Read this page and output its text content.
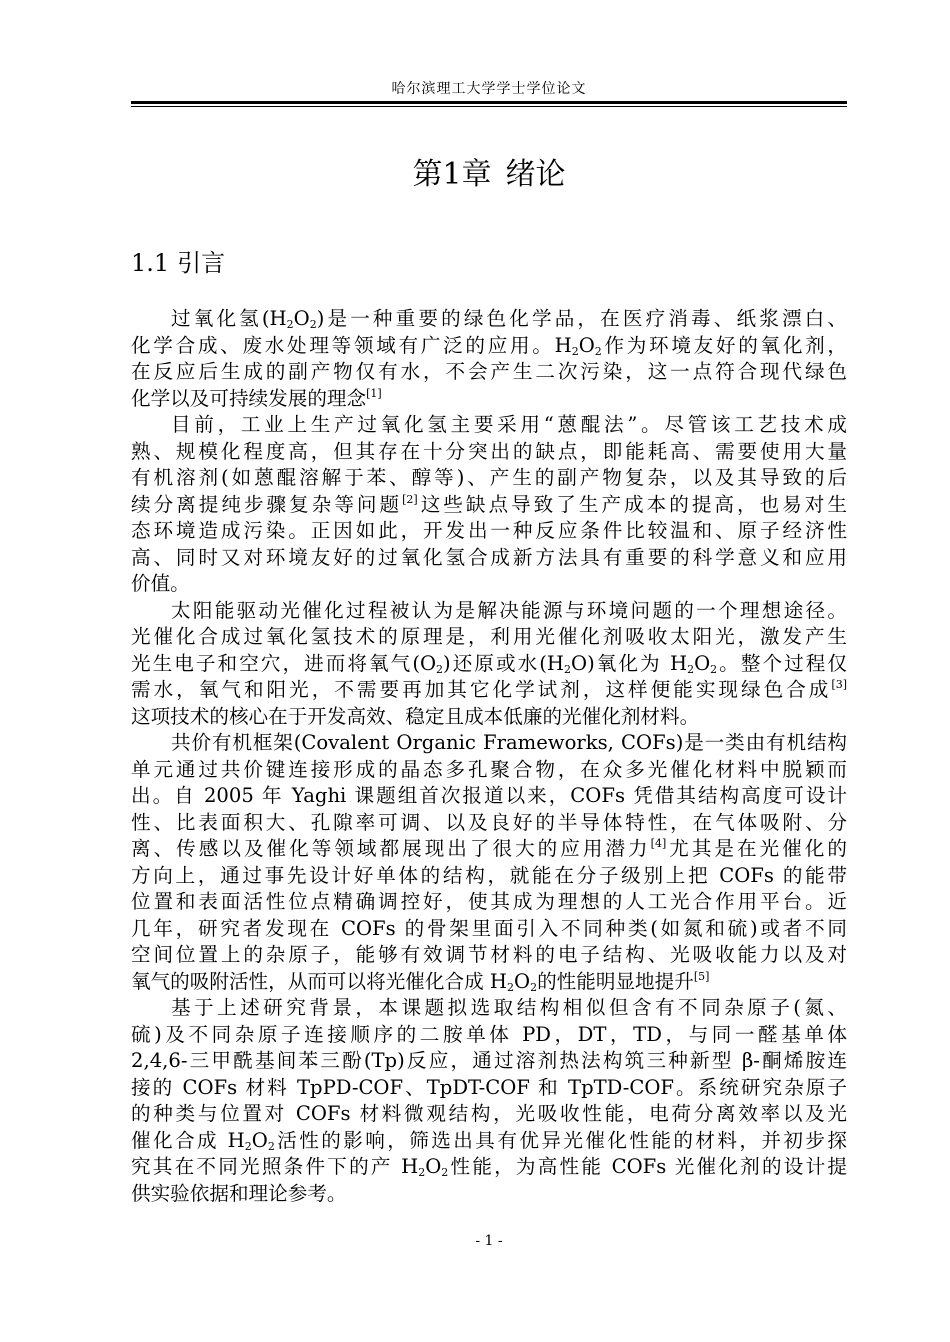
哈尔滨理工大学学士学位论文
第1章 绪论
1.1 引言

过氧化氢$(H_2O_2)$是一种重要的绿色化学品，在医疗消毒、纸浆漂白、
化学合成、废水处理等领域有广泛的应用。$H_2O_2$作为环境友好的氧化剂，
在反应后生成的副产物仅有水，不会产生二次污染，这一点符合现代绿色
化学以及可持续发展的理念[1]

目前，工业上生产过氧化氢主要采用“蒽醌法”。尽管该工艺技术成
熟、规模化程度高，但其存在十分突出的缺点，即能耗高、需要使用大量
有机溶剂(如蒽醌溶解于苯、醇等)、产生的副产物复杂，以及其导致的后
续分离提纯步骤复杂等问题[2]这些缺点导致了生产成本的提高，也易对生
态环境造成污染。正因如此，开发出一种反应条件比较温和、原子经济性
高、同时又对环境友好的过氧化氢合成新方法具有重要的科学意义和应用
价值。

太阳能驱动光催化过程被认为是解决能源与环境问题的一个理想途径。
光催化合成过氧化氢技术的原理是，利用光催化剂吸收太阳光，激发产生
光生电子和空穴，进而将氧气$(O_2)$还原或水$(H_2O)$氧化为 $H_2O_2$。整个过程仅
需水，氧气和阳光，不需要再加其它化学试剂，这样便能实现绿色合成[3]
这项技术的核心在于开发高效、稳定且成本低廉的光催化剂材料。

共价有机框架(Covalent Organic Frameworks, COFs)是一类由有机结构
单元通过共价键连接形成的晶态多孔聚合物，在众多光催化材料中脱颖而
出。自 2005 年 Yaghi 课题组首次报道以来，COFs 凭借其结构高度可设计
性、比表面积大、孔隙率可调、以及良好的半导体特性，在气体吸附、分
离、传感以及催化等领域都展现出了很大的应用潜力[4]尤其是在光催化的
方向上，通过事先设计好单体的结构，就能在分子级别上把 COFs 的能带
位置和表面活性位点精确调控好，使其成为理想的人工光合作用平台。近
几年，研究者发现在 COFs 的骨架里面引入不同种类(如氮和硫)或者不同
空间位置上的杂原子，能够有效调节材料的电子结构、光吸收能力以及对
氧气的吸附活性，从而可以将光催化合成 $H_2O_2$的性能明显地提升[5]

基于上述研究背景，本课题拟选取结构相似但含有不同杂原子(氮、
硫)及不同杂原子连接顺序的二胺单体 PD，DT，TD，与同一醛基单体
2,4,6-三甲酰基间苯三酚(Tp)反应，通过溶剂热法构筑三种新型 β-酮烯胺连
接的 COFs 材料 TpPD-COF、TpDT-COF 和 TpTD-COF。系统研究杂原子
的种类与位置对 COFs 材料微观结构，光吸收性能，电荷分离效率以及光
催化合成 $H_2O_2$活性的影响，筛选出具有优异光催化性能的材料，并初步探
究其在不同光照条件下的产 $H_2O_2$性能，为高性能 COFs 光催化剂的设计提
供实验依据和理论参考。

- 1 -
